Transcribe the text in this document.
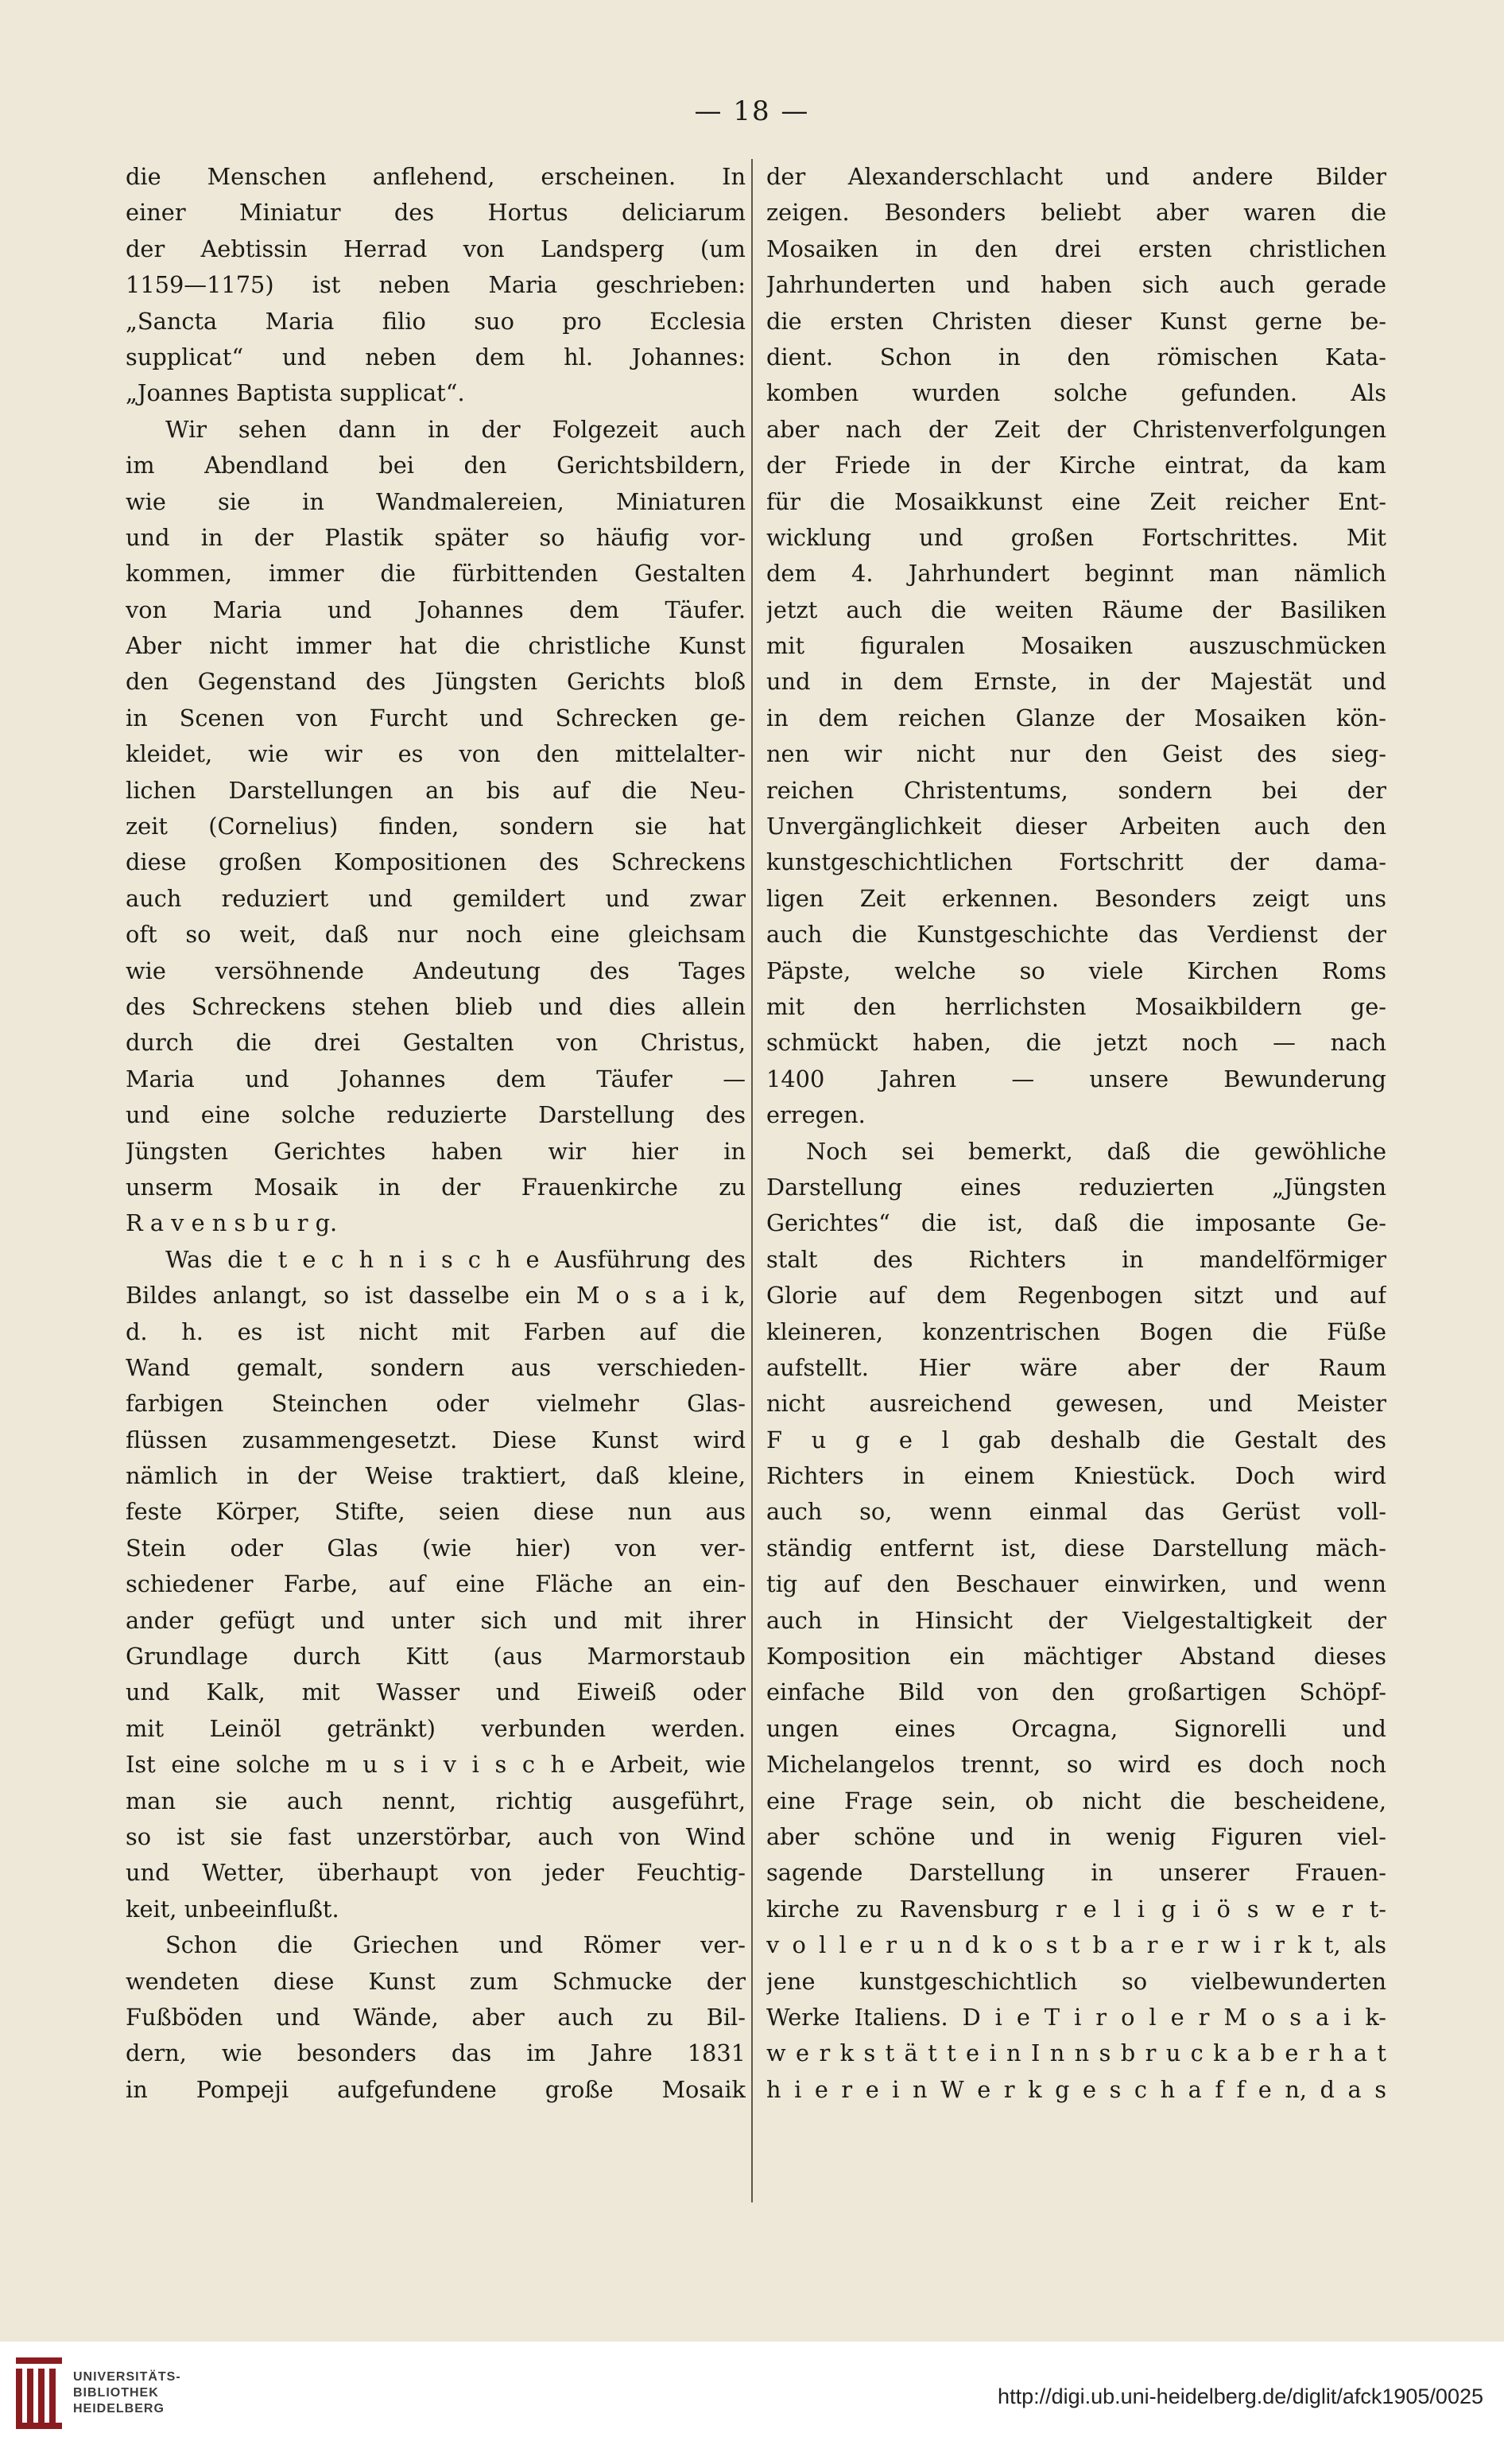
— 18 —
die Menschen anflehend, erscheinen. In
einer Miniatur des Hortus deliciarum
der Aebtissin Herrad von Landsperg (um
1159—1175) ist neben Maria geschrieben:
„Sancta Maria filio suo pro Ecclesia
supplicat“ und neben dem hl. Johannes:
„Joannes Baptista supplicat“.
Wir sehen dann in der Folgezeit auch
im Abendland bei den Gerichtsbildern,
wie sie in Wandmalereien, Miniaturen
und in der Plastik später so häufig vor-
kommen, immer die fürbittenden Gestalten
von Maria und Johannes dem Täufer.
Aber nicht immer hat die christliche Kunst
den Gegenstand des Jüngsten Gerichts bloß
in Scenen von Furcht und Schrecken ge-
kleidet, wie wir es von den mittelalter-
lichen Darstellungen an bis auf die Neu-
zeit (Cornelius) finden, sondern sie hat
diese großen Kompositionen des Schreckens
auch reduziert und gemildert und zwar
oft so weit, daß nur noch eine gleichsam
wie versöhnende Andeutung des Tages
des Schreckens stehen blieb und dies allein
durch die drei Gestalten von Christus,
Maria und Johannes dem Täufer —
und eine solche reduzierte Darstellung des
Jüngsten Gerichtes haben wir hier in
unserm Mosaik in der Frauenkirche zu
R a v e n s b u r g.
Was die t e c h n i s c h e Ausführung des
Bildes anlangt, so ist dasselbe ein M o s a i k,
d. h. es ist nicht mit Farben auf die
Wand gemalt, sondern aus verschieden-
farbigen Steinchen oder vielmehr Glas-
flüssen zusammengesetzt. Diese Kunst wird
nämlich in der Weise traktiert, daß kleine,
feste Körper, Stifte, seien diese nun aus
Stein oder Glas (wie hier) von ver-
schiedener Farbe, auf eine Fläche an ein-
ander gefügt und unter sich und mit ihrer
Grundlage durch Kitt (aus Marmorstaub
und Kalk, mit Wasser und Eiweiß oder
mit Leinöl getränkt) verbunden werden.
Ist eine solche m u s i v i s c h e Arbeit, wie
man sie auch nennt, richtig ausgeführt,
so ist sie fast unzerstörbar, auch von Wind
und Wetter, überhaupt von jeder Feuchtig-
keit, unbeeinflußt.
Schon die Griechen und Römer ver-
wendeten diese Kunst zum Schmucke der
Fußböden und Wände, aber auch zu Bil-
dern, wie besonders das im Jahre 1831
in Pompeji aufgefundene große Mosaik
der Alexanderschlacht und andere Bilder
zeigen. Besonders beliebt aber waren die
Mosaiken in den drei ersten christlichen
Jahrhunderten und haben sich auch gerade
die ersten Christen dieser Kunst gerne be-
dient. Schon in den römischen Kata-
komben wurden solche gefunden. Als
aber nach der Zeit der Christenverfolgungen
der Friede in der Kirche eintrat, da kam
für die Mosaikkunst eine Zeit reicher Ent-
wicklung und großen Fortschrittes. Mit
dem 4. Jahrhundert beginnt man nämlich
jetzt auch die weiten Räume der Basiliken
mit figuralen Mosaiken auszuschmücken
und in dem Ernste, in der Majestät und
in dem reichen Glanze der Mosaiken kön-
nen wir nicht nur den Geist des sieg-
reichen Christentums, sondern bei der
Unvergänglichkeit dieser Arbeiten auch den
kunstgeschichtlichen Fortschritt der dama-
ligen Zeit erkennen. Besonders zeigt uns
auch die Kunstgeschichte das Verdienst der
Päpste, welche so viele Kirchen Roms
mit den herrlichsten Mosaikbildern ge-
schmückt haben, die jetzt noch — nach
1400 Jahren — unsere Bewunderung
erregen.
Noch sei bemerkt, daß die gewöhliche
Darstellung eines reduzierten „Jüngsten
Gerichtes“ die ist, daß die imposante Ge-
stalt des Richters in mandelförmiger
Glorie auf dem Regenbogen sitzt und auf
kleineren, konzentrischen Bogen die Füße
aufstellt. Hier wäre aber der Raum
nicht ausreichend gewesen, und Meister
F u g e l gab deshalb die Gestalt des
Richters in einem Kniestück. Doch wird
auch so, wenn einmal das Gerüst voll-
ständig entfernt ist, diese Darstellung mäch-
tig auf den Beschauer einwirken, und wenn
auch in Hinsicht der Vielgestaltigkeit der
Komposition ein mächtiger Abstand dieses
einfache Bild von den großartigen Schöpf-
ungen eines Orcagna, Signorelli und
Michelangelos trennt, so wird es doch noch
eine Frage sein, ob nicht die bescheidene,
aber schöne und in wenig Figuren viel-
sagende Darstellung in unserer Frauen-
kirche zu Ravensburg r e l i g i ö s w e r t-
v o l l e r u n d k o s t b a r e r w i r k t, als
jene kunstgeschichtlich so vielbewunderten
Werke Italiens. D i e T i r o l e r M o s a i k-
w e r k s t ä t t e i n I n n s b r u c k a b e r h a t
h i e r e i n W e r k g e s c h a f f e n, d a s
UNIVERSITÄTS-
BIBLIOTHEK
HEIDELBERG
http://digi.ub.uni-heidelberg.de/diglit/afck1905/0025
